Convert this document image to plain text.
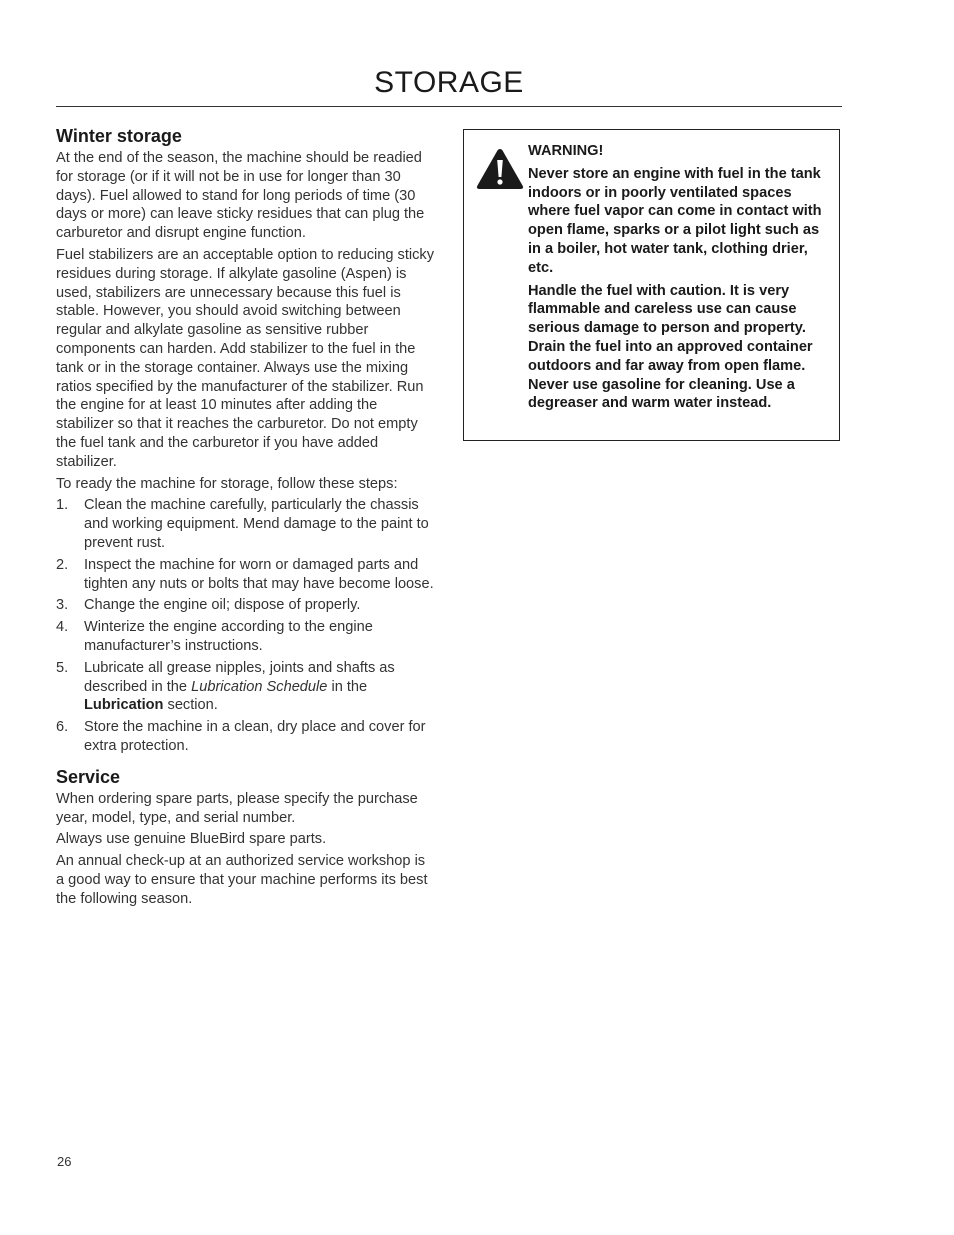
STORAGE
Winter storage

At the end of the season, the machine should be readied for storage (or if it will not be in use for longer than 30 days). Fuel allowed to stand for long periods of time (30 days or more) can leave sticky residues that can plug the carburetor and disrupt engine function.

Fuel stabilizers are an acceptable option to reducing sticky residues during storage. If alkylate gasoline (Aspen) is used, stabilizers are unnecessary because this fuel is stable. However, you should avoid switching between regular and alkylate gasoline as sensitive rubber components can harden. Add stabilizer to the fuel in the tank or in the storage container. Always use the mixing ratios specified by the manufacturer of the stabilizer. Run the engine for at least 10 minutes after adding the stabilizer so that it reaches the carburetor. Do not empty the fuel tank and the carburetor if you have added stabilizer.

To ready the machine for storage, follow these steps:

1. Clean the machine carefully, particularly the chassis and working equipment. Mend damage to the paint to prevent rust.
2. Inspect the machine for worn or damaged parts and tighten any nuts or bolts that may have become loose.
3. Change the engine oil; dispose of properly.
4. Winterize the engine according to the engine manufacturer’s instructions.
5. Lubricate all grease nipples, joints and shafts as described in the Lubrication Schedule in the Lubrication section.
6. Store the machine in a clean, dry place and cover for extra protection.
Service

When ordering spare parts, please specify the purchase year, model, type, and serial number.

Always use genuine BlueBird spare parts.

An annual check-up at an authorized service workshop is a good way to ensure that your machine performs its best the following season.

WARNING!

Never store an engine with fuel in the tank indoors or in poorly ventilated spaces where fuel vapor can come in contact with open flame, sparks or a pilot light such as in a boiler, hot water tank, clothing drier, etc.

Handle the fuel with caution. It is very flammable and careless use can cause serious damage to person and property. Drain the fuel into an approved container outdoors and far away from open flame. Never use gasoline for cleaning. Use a degreaser and warm water instead.

26
